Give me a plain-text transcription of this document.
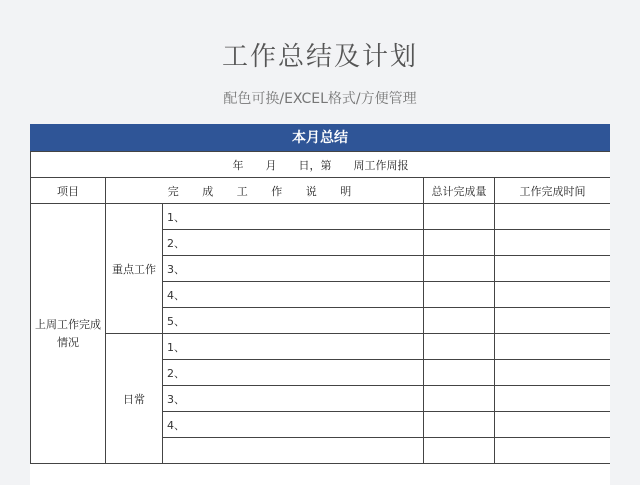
工作总结及计划
配色可换/EXCEL格式/方便管理
本月总结
年　　月　　日，第　　周工作周报				
项目	完 成 工 作 说 明		总计完成量	工作完成时间
上周工作完成情况	重点工作	1、		
		2、		
		3、		
		4、		
		5、		
	日常	1、		
		2、		
		3、		
		4、		
